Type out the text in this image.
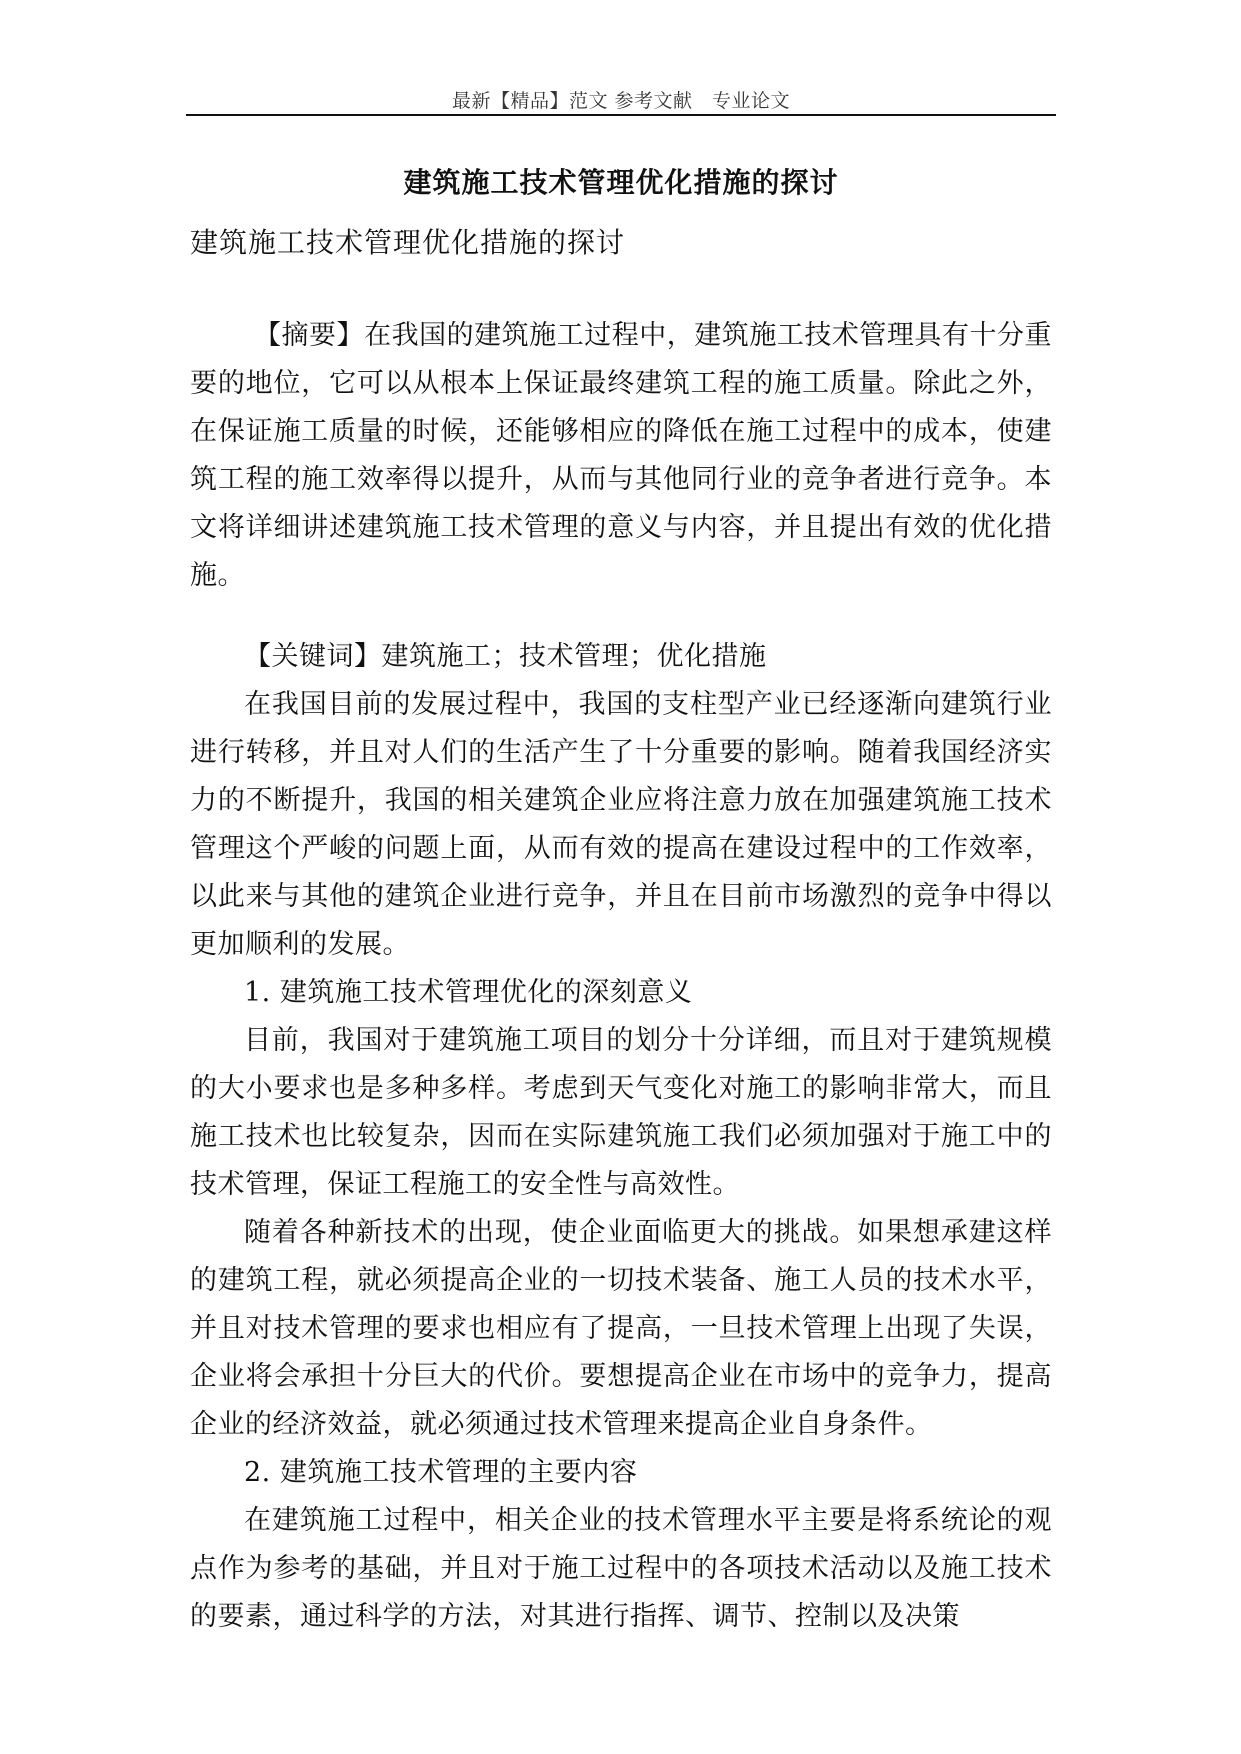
最新【精品】范文 参考文献　专业论文
建筑施工技术管理优化措施的探讨
建筑施工技术管理优化措施的探讨
【摘要】在我国的建筑施工过程中，建筑施工技术管理具有十分重要的地位，它可以从根本上保证最终建筑工程的施工质量。除此之外，在保证施工质量的时候，还能够相应的降低在施工过程中的成本，使建筑工程的施工效率得以提升，从而与其他同行业的竞争者进行竞争。本文将详细讲述建筑施工技术管理的意义与内容，并且提出有效的优化措施。
【关键词】建筑施工；技术管理；优化措施
在我国目前的发展过程中，我国的支柱型产业已经逐渐向建筑行业进行转移，并且对人们的生活产生了十分重要的影响。随着我国经济实力的不断提升，我国的相关建筑企业应将注意力放在加强建筑施工技术管理这个严峻的问题上面，从而有效的提高在建设过程中的工作效率，以此来与其他的建筑企业进行竞争，并且在目前市场激烈的竞争中得以更加顺利的发展。
1. 建筑施工技术管理优化的深刻意义
目前，我国对于建筑施工项目的划分十分详细，而且对于建筑规模的大小要求也是多种多样。考虑到天气变化对施工的影响非常大，而且施工技术也比较复杂，因而在实际建筑施工我们必须加强对于施工中的技术管理，保证工程施工的安全性与高效性。
随着各种新技术的出现，使企业面临更大的挑战。如果想承建这样的建筑工程，就必须提高企业的一切技术装备、施工人员的技术水平，并且对技术管理的要求也相应有了提高，一旦技术管理上出现了失误，企业将会承担十分巨大的代价。要想提高企业在市场中的竞争力，提高企业的经济效益，就必须通过技术管理来提高企业自身条件。
2. 建筑施工技术管理的主要内容
在建筑施工过程中，相关企业的技术管理水平主要是将系统论的观点作为参考的基础，并且对于施工过程中的各项技术活动以及施工技术的要素，通过科学的方法，对其进行指挥、调节、控制以及决策
